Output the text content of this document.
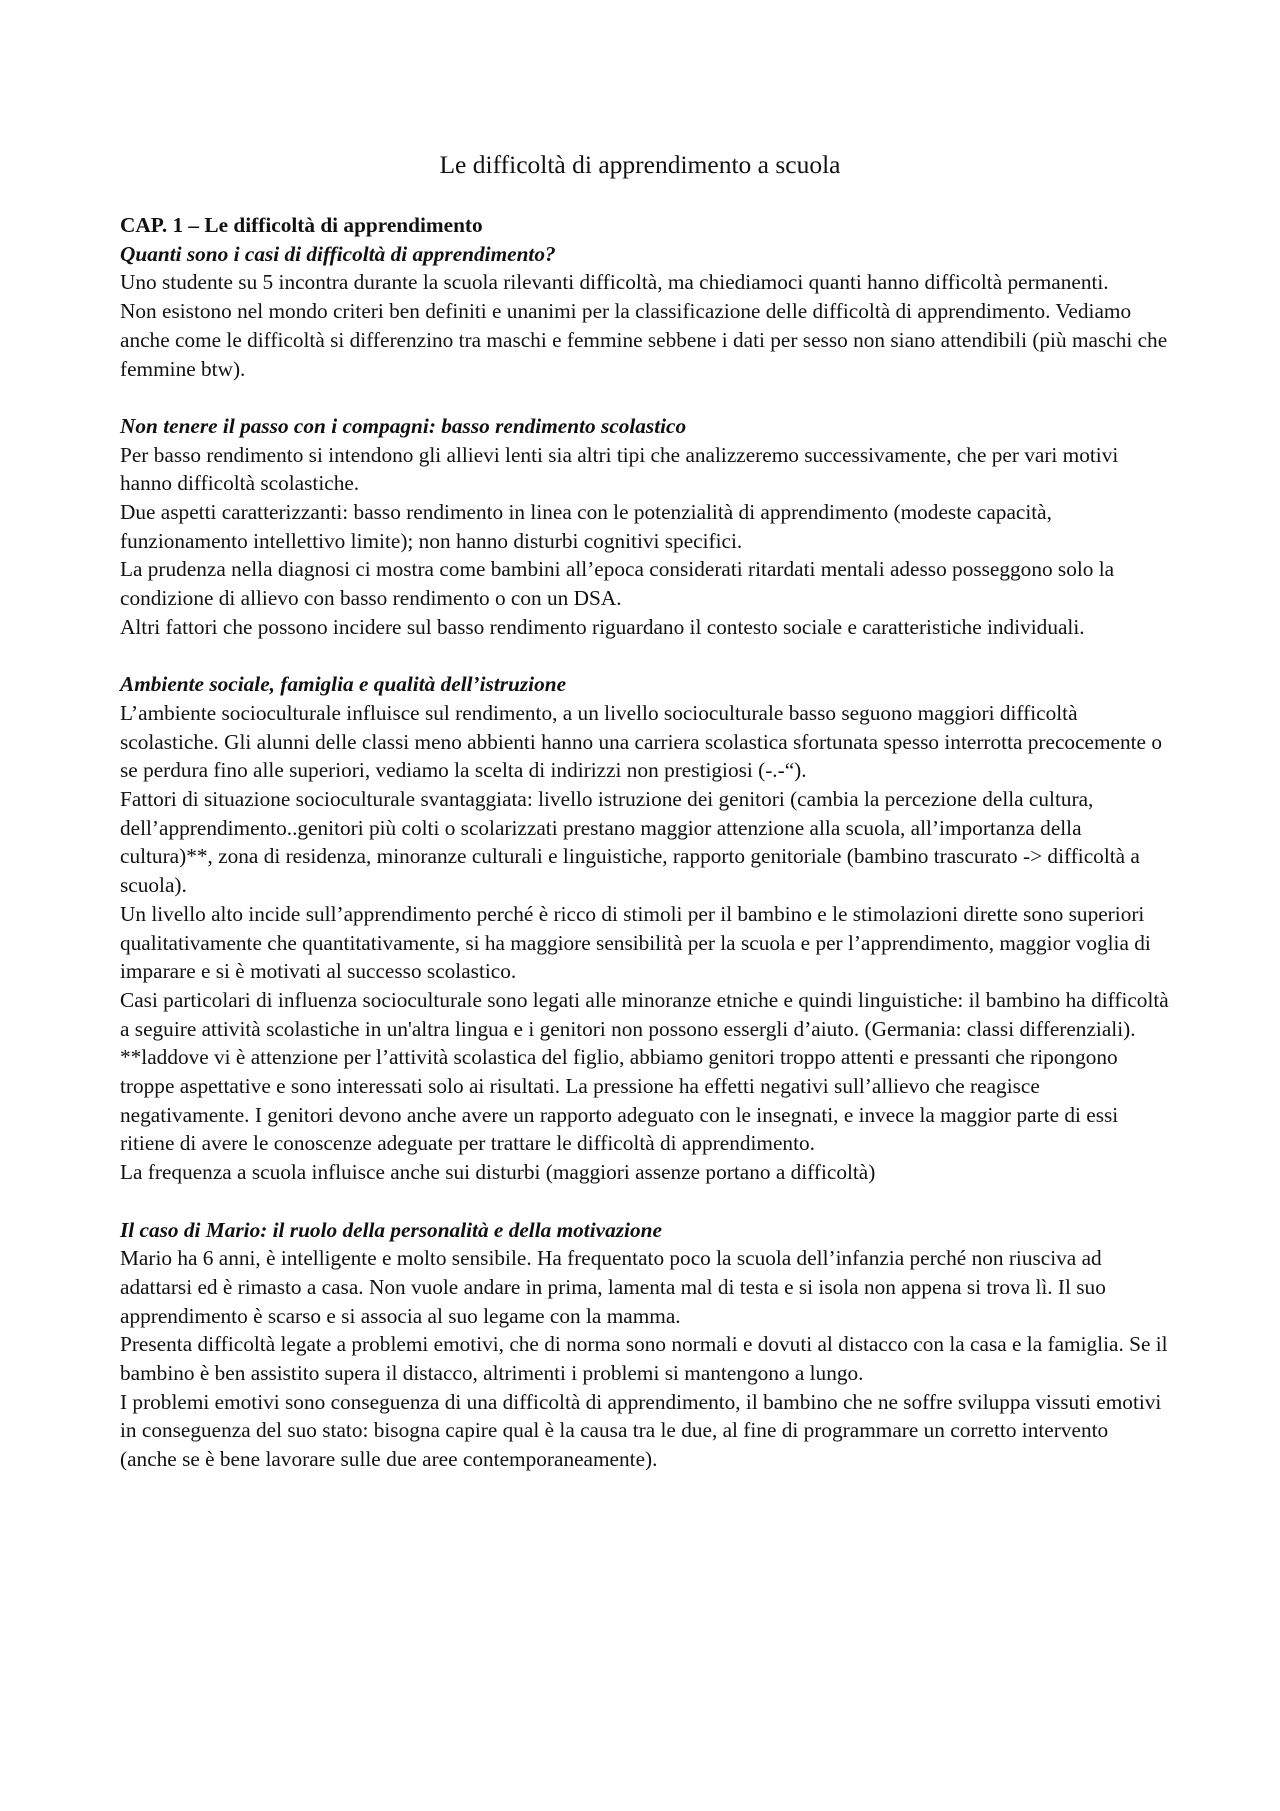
Le difficoltà di apprendimento a scuola

CAP. 1 – Le difficoltà di apprendimento

Quanti sono i casi di difficoltà di apprendimento?

Uno studente su 5 incontra durante la scuola rilevanti difficoltà, ma chiediamoci quanti hanno difficoltà permanenti.

Non esistono nel mondo criteri ben definiti e unanimi per la classificazione delle difficoltà di apprendimento. Vediamo anche come le difficoltà si differenzino tra maschi e femmine sebbene i dati per sesso non siano attendibili (più maschi che femmine btw).

Non tenere il passo con i compagni: basso rendimento scolastico

Per basso rendimento si intendono gli allievi lenti sia altri tipi che analizzeremo successivamente, che per vari motivi hanno difficoltà scolastiche.

Due aspetti caratterizzanti: basso rendimento in linea con le potenzialità di apprendimento (modeste capacità, funzionamento intellettivo limite); non hanno disturbi cognitivi specifici.

La prudenza nella diagnosi ci mostra come bambini all’epoca considerati ritardati mentali adesso posseggono solo la condizione di allievo con basso rendimento o con un DSA.

Altri fattori che possono incidere sul basso rendimento riguardano il contesto sociale e caratteristiche individuali.

Ambiente sociale, famiglia e qualità dell’istruzione

L’ambiente socioculturale influisce sul rendimento, a un livello socioculturale basso seguono maggiori difficoltà scolastiche. Gli alunni delle classi meno abbienti hanno una carriera scolastica sfortunata spesso interrotta precocemente o se perdura fino alle superiori, vediamo la scelta di indirizzi non prestigiosi (-.-“).

Fattori di situazione socioculturale svantaggiata: livello istruzione dei genitori (cambia la percezione della cultura, dell’apprendimento..genitori più colti o scolarizzati prestano maggior attenzione alla scuola, all’importanza della cultura)**, zona di residenza, minoranze culturali e linguistiche, rapporto genitoriale (bambino trascurato -> difficoltà a scuola).

Un livello alto incide sull’apprendimento perché è ricco di stimoli per il bambino e le stimolazioni dirette sono superiori qualitativamente che quantitativamente, si ha maggiore sensibilità per la scuola e per l’apprendimento, maggior voglia di imparare e si è motivati al successo scolastico.

Casi particolari di influenza socioculturale sono legati alle minoranze etniche e quindi linguistiche: il bambino ha difficoltà a seguire attività scolastiche in un'altra lingua e i genitori non possono essergli d’aiuto. (Germania: classi differenziali).

**laddove vi è attenzione per l’attività scolastica del figlio, abbiamo genitori troppo attenti e pressanti che ripongono troppe aspettative e sono interessati solo ai risultati. La pressione ha effetti negativi sull’allievo che reagisce negativamente. I genitori devono anche avere un rapporto adeguato con le insegnati, e invece la maggior parte di essi ritiene di avere le conoscenze adeguate per trattare le difficoltà di apprendimento.

La frequenza a scuola influisce anche sui disturbi (maggiori assenze portano a difficoltà)

Il caso di Mario: il ruolo della personalità e della motivazione

Mario ha 6 anni, è intelligente e molto sensibile. Ha frequentato poco la scuola dell’infanzia perché non riusciva ad adattarsi ed è rimasto a casa. Non vuole andare in prima, lamenta mal di testa e si isola non appena si trova lì. Il suo apprendimento è scarso e si associa al suo legame con la mamma.

Presenta difficoltà legate a problemi emotivi, che di norma sono normali e dovuti al distacco con la casa e la famiglia. Se il bambino è ben assistito supera il distacco, altrimenti i problemi si mantengono a lungo.

I problemi emotivi sono conseguenza di una difficoltà di apprendimento, il bambino che ne soffre sviluppa vissuti emotivi in conseguenza del suo stato: bisogna capire qual è la causa tra le due, al fine di programmare un corretto intervento (anche se è bene lavorare sulle due aree contemporaneamente).
